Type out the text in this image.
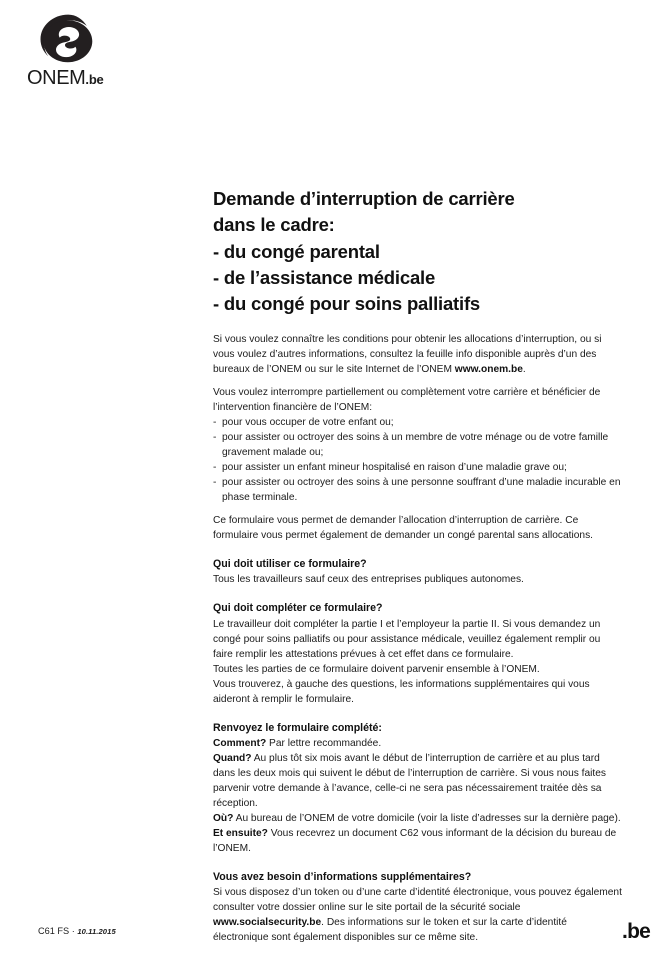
ONEM.be
Demande d’interruption de carrière
dans le cadre:
- du congé parental
- de l’assistance médicale
- du congé pour soins palliatifs

Si vous voulez connaître les conditions pour obtenir les allocations d’interruption, ou si vous voulez d’autres informations, consultez la feuille info disponible auprès d’un des bureaux de l’ONEM ou sur le site Internet de l’ONEM www.onem.be.

Vous voulez interrompre partiellement ou complètement votre carrière et bénéficier de l’intervention financière de l’ONEM:

- pour vous occuper de votre enfant ou;
- pour assister ou octroyer des soins à un membre de votre ménage ou de votre famille gravement malade ou;
- pour assister un enfant mineur hospitalisé en raison d’une maladie grave ou;
- pour assister ou octroyer des soins à une personne souffrant d’une maladie incurable en phase terminale.

Ce formulaire vous permet de demander l’allocation d’interruption de carrière. Ce formulaire vous permet également de demander un congé parental sans allocations.

Qui doit utiliser ce formulaire?

Tous les travailleurs sauf ceux des entreprises publiques autonomes.

Qui doit compléter ce formulaire?

Le travailleur doit compléter la partie I et l’employeur la partie II. Si vous demandez un congé pour soins palliatifs ou pour assistance médicale, veuillez également remplir ou faire remplir les attestations prévues à cet effet dans ce formulaire.

Toutes les parties de ce formulaire doivent parvenir ensemble à l’ONEM.

Vous trouverez, à gauche des questions, les informations supplémentaires qui vous aideront à remplir le formulaire.

Renvoyez le formulaire complété:

Comment? Par lettre recommandée.

Quand? Au plus tôt six mois avant le début de l’interruption de carrière et au plus tard dans les deux mois qui suivent le début de l’interruption de carrière. Si vous nous faites parvenir votre demande à l’avance, celle-ci ne sera pas nécessairement traitée dès sa réception.

Où? Au bureau de l’ONEM de votre domicile (voir la liste d’adresses sur la dernière page).

Et ensuite? Vous recevrez un document C62 vous informant de la décision du bureau de l’ONEM.

Vous avez besoin d’informations supplémentaires?

Si vous disposez d’un token ou d’une carte d’identité électronique, vous pouvez également consulter votre dossier online sur le site portail de la sécurité sociale www.socialsecurity.be. Des informations sur le token et sur la carte d’identité électronique sont également disponibles sur ce même site.

C61 FS · 10.11.2015	.be
